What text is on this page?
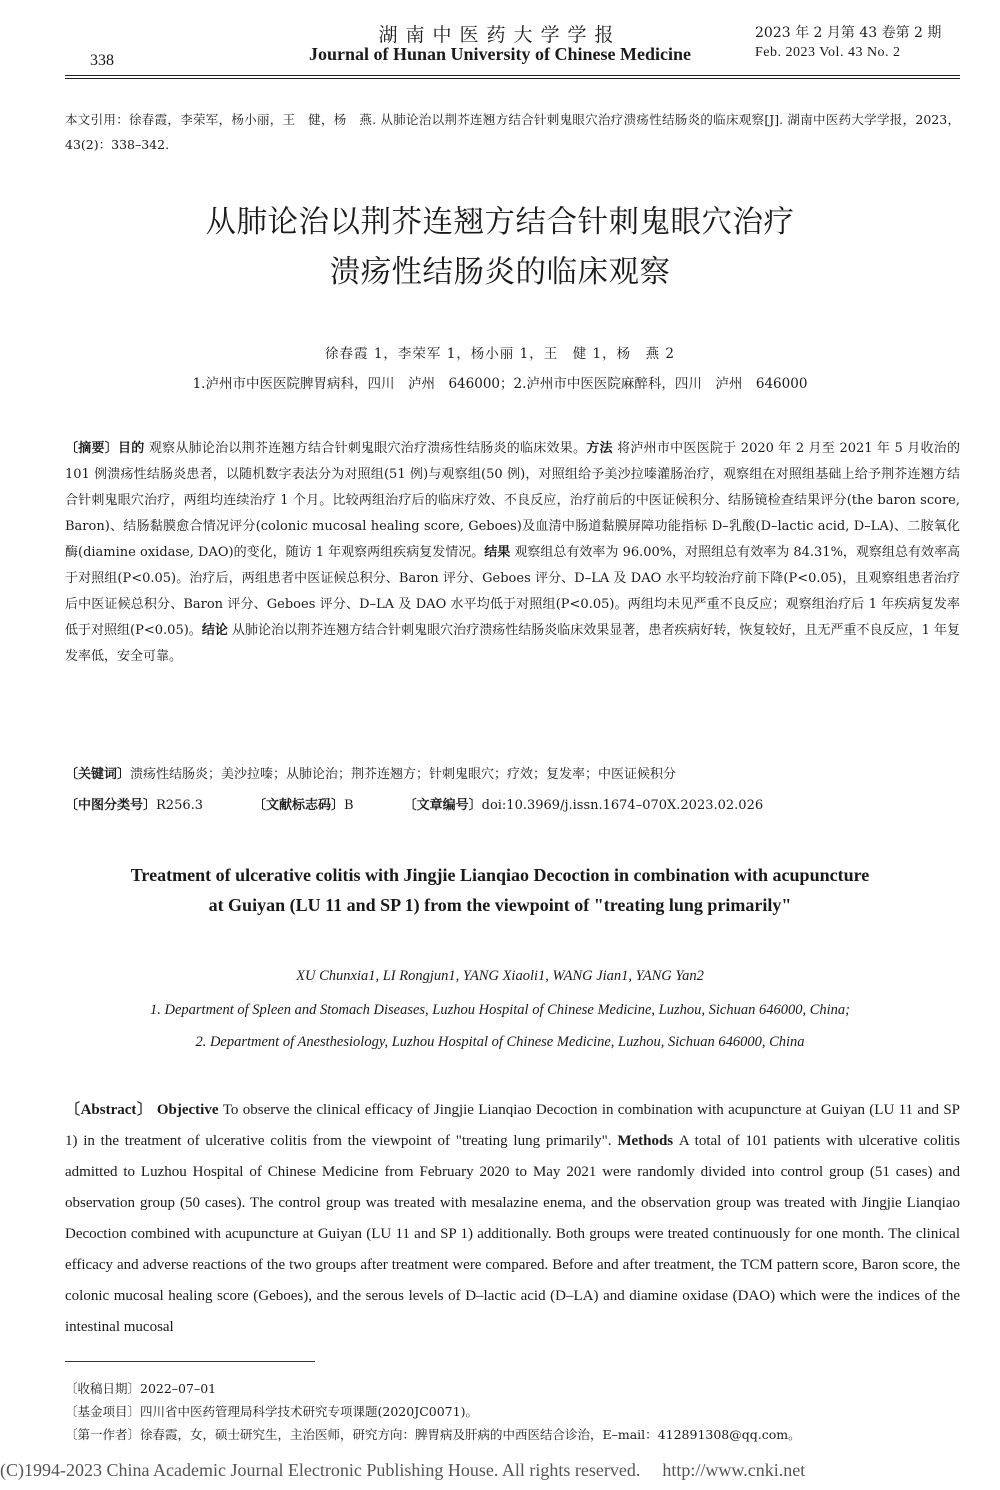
338
湖南中医药大学学报
Journal of Hunan University of Chinese Medicine
2023 年 2 月第 43 卷第 2 期
Feb. 2023 Vol. 43 No. 2
本文引用：徐春霞，李荣军，杨小丽，王　健，杨　燕. 从肺论治以荆芥连翘方结合针刺鬼眼穴治疗溃疡性结肠炎的临床观察[J]. 湖南中医药大学学报，2023，43(2)：338–342.
从肺论治以荆芥连翘方结合针刺鬼眼穴治疗
溃疡性结肠炎的临床观察
徐春霞 1，李荣军 1，杨小丽 1，王　健 1，杨　燕 2
1.泸州市中医医院脾胃病科，四川　泸州　646000；2.泸州市中医医院麻醉科，四川　泸州　646000
〔摘要〕目的 观察从肺论治以荆芥连翘方结合针刺鬼眼穴治疗溃疡性结肠炎的临床效果。方法 将泸州市中医医院于 2020 年 2 月至 2021 年 5 月收治的 101 例溃疡性结肠炎患者，以随机数字表法分为对照组(51 例)与观察组(50 例)，对照组给予美沙拉嗪灌肠治疗，观察组在对照组基础上给予荆芥连翘方结合针刺鬼眼穴治疗，两组均连续治疗 1 个月。比较两组治疗后的临床疗效、不良反应，治疗前后的中医证候积分、结肠镜检查结果评分(the baron score, Baron)、结肠黏膜愈合情况评分(colonic mucosal healing score, Geboes)及血清中肠道黏膜屏障功能指标 D–乳酸(D–lactic acid, D–LA)、二胺氧化酶(diamine oxidase, DAO)的变化，随访 1 年观察两组疾病复发情况。结果 观察组总有效率为 96.00%，对照组总有效率为 84.31%，观察组总有效率高于对照组(P<0.05)。治疗后，两组患者中医证候总积分、Baron 评分、Geboes 评分、D–LA 及 DAO 水平均较治疗前下降(P<0.05)，且观察组患者治疗后中医证候总积分、Baron 评分、Geboes 评分、D–LA 及 DAO 水平均低于对照组(P<0.05)。两组均未见严重不良反应；观察组治疗后 1 年疾病复发率低于对照组(P<0.05)。结论 从肺论治以荆芥连翘方结合针刺鬼眼穴治疗溃疡性结肠炎临床效果显著，患者疾病好转，恢复较好，且无严重不良反应，1 年复发率低，安全可靠。
〔关键词〕溃疡性结肠炎；美沙拉嗪；从肺论治；荆芥连翘方；针刺鬼眼穴；疗效；复发率；中医证候积分
〔中图分类号〕R256.3	〔文献标志码〕B	〔文章编号〕doi:10.3969/j.issn.1674–070X.2023.02.026
Treatment of ulcerative colitis with Jingjie Lianqiao Decoction in combination with acupuncture
at Guiyan (LU 11 and SP 1) from the viewpoint of "treating lung primarily"
XU Chunxia1, LI Rongjun1, YANG Xiaoli1, WANG Jian1, YANG Yan2
1. Department of Spleen and Stomach Diseases, Luzhou Hospital of Chinese Medicine, Luzhou, Sichuan 646000, China;
2. Department of Anesthesiology, Luzhou Hospital of Chinese Medicine, Luzhou, Sichuan 646000, China
〔Abstract〕 Objective To observe the clinical efficacy of Jingjie Lianqiao Decoction in combination with acupuncture at Guiyan (LU 11 and SP 1) in the treatment of ulcerative colitis from the viewpoint of "treating lung primarily". Methods A total of 101 patients with ulcerative colitis admitted to Luzhou Hospital of Chinese Medicine from February 2020 to May 2021 were randomly divided into control group (51 cases) and observation group (50 cases). The control group was treated with mesalazine enema, and the observation group was treated with Jingjie Lianqiao Decoction combined with acupuncture at Guiyan (LU 11 and SP 1) additionally. Both groups were treated continuously for one month. The clinical efficacy and adverse reactions of the two groups after treatment were compared. Before and after treatment, the TCM pattern score, Baron score, the colonic mucosal healing score (Geboes), and the serous levels of D–lactic acid (D–LA) and diamine oxidase (DAO) which were the indices of the intestinal mucosal
〔收稿日期〕2022–07–01
〔基金项目〕四川省中医药管理局科学技术研究专项课题(2020JC0071)。
〔第一作者〕徐春霞，女，硕士研究生，主治医师，研究方向：脾胃病及肝病的中西医结合诊治，E–mail：412891308@qq.com。
(C)1994-2023 China Academic Journal Electronic Publishing House. All rights reserved. http://www.cnki.net
